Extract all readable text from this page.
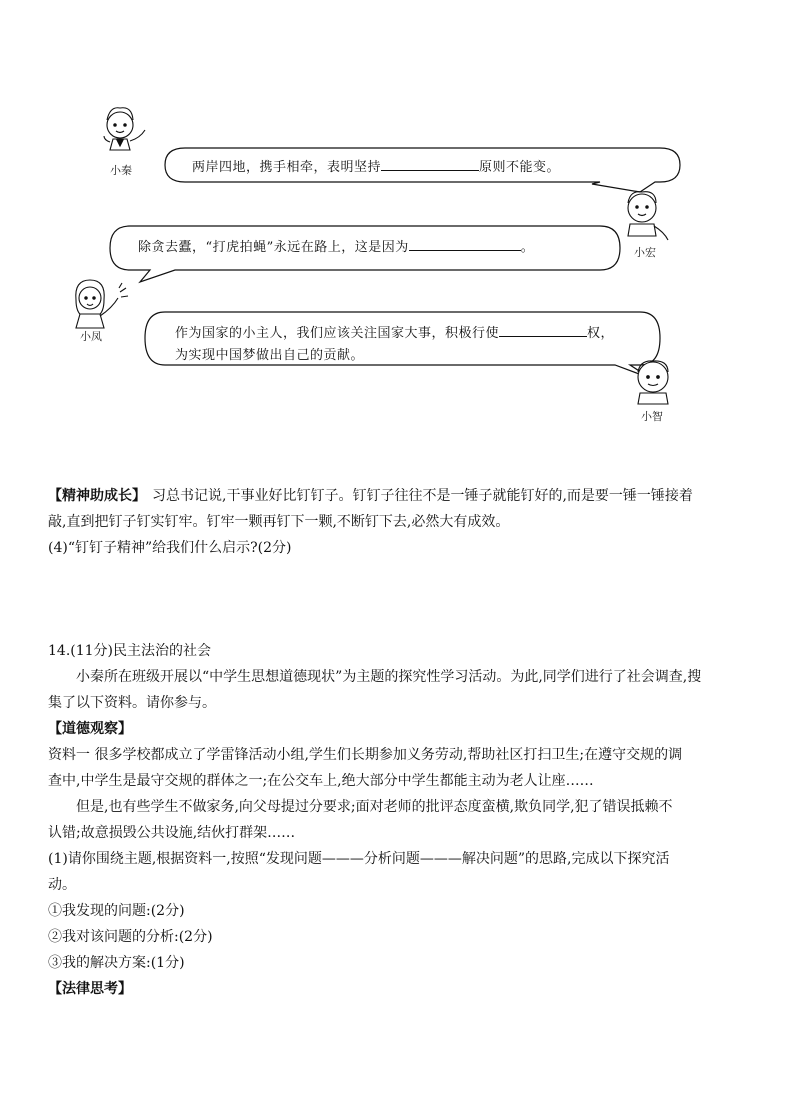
小秦
小宏
小凤
小智
两岸四地，携手相牵，表明坚持	原则不能变。
除贪去蠹，“打虎拍蝇”永远在路上，这是因为	。
作为国家的小主人，我们应该关注国家大事，积极行使	权，
为实现中国梦做出自己的贡献。
【精神助成长】 习总书记说,干事业好比钉钉子。钉钉子往往不是一锤子就能钉好的,而是要一锤一锤接着
敲,直到把钉子钉实钉牢。钉牢一颗再钉下一颗,不断钉下去,必然大有成效。
(4)“钉钉子精神”给我们什么启示?(2分)
14.(11分)民主法治的社会
小秦所在班级开展以“中学生思想道德现状”为主题的探究性学习活动。为此,同学们进行了社会调查,搜
集了以下资料。请你参与。
【道德观察】
资料一 很多学校都成立了学雷锋活动小组,学生们长期参加义务劳动,帮助社区打扫卫生;在遵守交规的调
查中,中学生是最守交规的群体之一;在公交车上,绝大部分中学生都能主动为老人让座……
但是,也有些学生不做家务,向父母提过分要求;面对老师的批评态度蛮横,欺负同学,犯了错误抵赖不
认错;故意损毁公共设施,结伙打群架……
(1)请你围绕主题,根据资料一,按照“发现问题———分析问题———解决问题”的思路,完成以下探究活
动。
①我发现的问题:(2分)
②我对该问题的分析:(2分)
③我的解决方案:(1分)
【法律思考】
